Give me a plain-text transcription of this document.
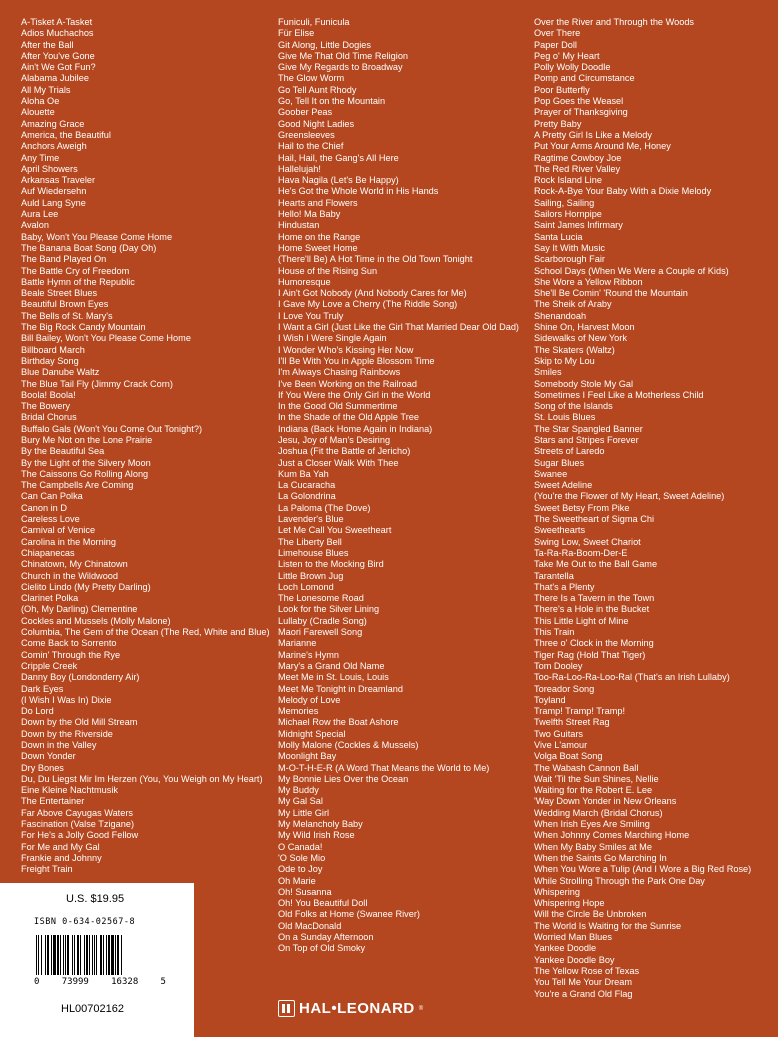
A-Tisket A-Tasket
Adios Muchachos
After the Ball
After You've Gone
Ain't We Got Fun?
Alabama Jubilee
All My Trials
Aloha Oe
Alouette
Amazing Grace
America, the Beautiful
Anchors Aweigh
Any Time
April Showers
Arkansas Traveler
Auf Wiedersehn
Auld Lang Syne
Aura Lee
Avalon
Baby, Won't You Please Come Home
The Banana Boat Song (Day Oh)
The Band Played On
The Battle Cry of Freedom
Battle Hymn of the Republic
Beale Street Blues
Beautiful Brown Eyes
The Bells of St. Mary's
The Big Rock Candy Mountain
Bill Bailey, Won't You Please Come Home
Billboard March
Birthday Song
Blue Danube Waltz
The Blue Tail Fly (Jimmy Crack Corn)
Boola! Boola!
The Bowery
Bridal Chorus
Buffalo Gals (Won't You Come Out Tonight?)
Bury Me Not on the Lone Prairie
By the Beautiful Sea
By the Light of the Silvery Moon
The Caissons Go Rolling Along
The Campbells Are Coming
Can Can Polka
Canon in D
Careless Love
Carnival of Venice
Carolina in the Morning
Chiapanecas
Chinatown, My Chinatown
Church in the Wildwood
Cielito Lindo (My Pretty Darling)
Clarinet Polka
(Oh, My Darling) Clementine
Cockles and Mussels (Molly Malone)
Columbia, The Gem of the Ocean (The Red, White and Blue)
Come Back to Sorrento
Comin' Through the Rye
Cripple Creek
Danny Boy (Londonderry Air)
Dark Eyes
(I Wish I Was In) Dixie
Do Lord
Down by the Old Mill Stream
Down by the Riverside
Down in the Valley
Down Yonder
Dry Bones
Du, Du Liegst Mir Im Herzen (You, You Weigh on My Heart)
Eine Kleine Nachtmusik
The Entertainer
Far Above Cayugas Waters
Fascination (Valse Tzigane)
For He's a Jolly Good Fellow
For Me and My Gal
Frankie and Johnny
Freight Train
Funiculi, Funicula
Für Elise
Git Along, Little Dogies
Give Me That Old Time Religion
Give My Regards to Broadway
The Glow Worm
Go Tell Aunt Rhody
Go, Tell It on the Mountain
Goober Peas
Good Night Ladies
Greensleeves
Hail to the Chief
Hail, Hail, the Gang's All Here
Hallelujah!
Hava Nagila (Let's Be Happy)
He's Got the Whole World in His Hands
Hearts and Flowers
Hello! Ma Baby
Hindustan
Home on the Range
Home Sweet Home
(There'll Be) A Hot Time in the Old Town Tonight
House of the Rising Sun
Humoresque
I Ain't Got Nobody (And Nobody Cares for Me)
I Gave My Love a Cherry (The Riddle Song)
I Love You Truly
I Want a Girl (Just Like the Girl That Married Dear Old Dad)
I Wish I Were Single Again
I Wonder Who's Kissing Her Now
I'll Be With You in Apple Blossom Time
I'm Always Chasing Rainbows
I've Been Working on the Railroad
If You Were the Only Girl in the World
In the Good Old Summertime
In the Shade of the Old Apple Tree
Indiana (Back Home Again in Indiana)
Jesu, Joy of Man's Desiring
Joshua (Fit the Battle of Jericho)
Just a Closer Walk With Thee
Kum Ba Yah
La Cucaracha
La Golondrina
La Paloma (The Dove)
Lavender's Blue
Let Me Call You Sweetheart
The Liberty Bell
Limehouse Blues
Listen to the Mocking Bird
Little Brown Jug
Loch Lomond
The Lonesome Road
Look for the Silver Lining
Lullaby (Cradle Song)
Maori Farewell Song
Marianne
Marine's Hymn
Mary's a Grand Old Name
Meet Me in St. Louis, Louis
Meet Me Tonight in Dreamland
Melody of Love
Memories
Michael Row the Boat Ashore
Midnight Special
Molly Malone (Cockles & Mussels)
Moonlight Bay
M-O-T-H-E-R (A Word That Means the World to Me)
My Bonnie Lies Over the Ocean
My Buddy
My Gal Sal
My Little Girl
My Melancholy Baby
My Wild Irish Rose
O Canada!
'O Sole Mio
Ode to Joy
Oh Marie
Oh! Susanna
Oh! You Beautiful Doll
Old Folks at Home (Swanee River)
Old MacDonald
On a Sunday Afternoon
On Top of Old Smoky
Over the River and Through the Woods
Over There
Paper Doll
Peg o' My Heart
Polly Wolly Doodle
Pomp and Circumstance
Poor Butterfly
Pop Goes the Weasel
Prayer of Thanksgiving
Pretty Baby
A Pretty Girl Is Like a Melody
Put Your Arms Around Me, Honey
Ragtime Cowboy Joe
The Red River Valley
Rock Island Line
Rock-A-Bye Your Baby With a Dixie Melody
Sailing, Sailing
Sailors Hornpipe
Saint James Infirmary
Santa Lucia
Say It With Music
Scarborough Fair
School Days (When We Were a Couple of Kids)
She Wore a Yellow Ribbon
She'll Be Comin' 'Round the Mountain
The Sheik of Araby
Shenandoah
Shine On, Harvest Moon
Sidewalks of New York
The Skaters (Waltz)
Skip to My Lou
Smiles
Somebody Stole My Gal
Sometimes I Feel Like a Motherless Child
Song of the Islands
St. Louis Blues
The Star Spangled Banner
Stars and Stripes Forever
Streets of Laredo
Sugar Blues
Swanee
Sweet Adeline
(You're the Flower of My Heart, Sweet Adeline)
Sweet Betsy From Pike
The Sweetheart of Sigma Chi
Sweethearts
Swing Low, Sweet Chariot
Ta-Ra-Ra-Boom-Der-E
Take Me Out to the Ball Game
Tarantella
That's a Plenty
There Is a Tavern in the Town
There's a Hole in the Bucket
This Little Light of Mine
This Train
Three o' Clock in the Morning
Tiger Rag (Hold That Tiger)
Tom Dooley
Too-Ra-Loo-Ra-Loo-Ral (That's an Irish Lullaby)
Toreador Song
Toyland
Tramp! Tramp! Tramp!
Twelfth Street Rag
Two Guitars
Vive L'amour
Volga Boat Song
The Wabash Cannon Ball
Wait 'Til the Sun Shines, Nellie
Waiting for the Robert E. Lee
'Way Down Yonder in New Orleans
Wedding March (Bridal Chorus)
When Irish Eyes Are Smiling
When Johnny Comes Marching Home
When My Baby Smiles at Me
When the Saints Go Marching In
When You Wore a Tulip (And I Wore a Big Red Rose)
While Strolling Through the Park One Day
Whispering
Whispering Hope
Will the Circle Be Unbroken
The World Is Waiting for the Sunrise
Worried Man Blues
Yankee Doodle
Yankee Doodle Boy
The Yellow Rose of Texas
You Tell Me Your Dream
You're a Grand Old Flag
U.S. $19.95
ISBN 0-634-02567-8
0 73999 16328 5
HL00702162	HAL•LEONARD ®
